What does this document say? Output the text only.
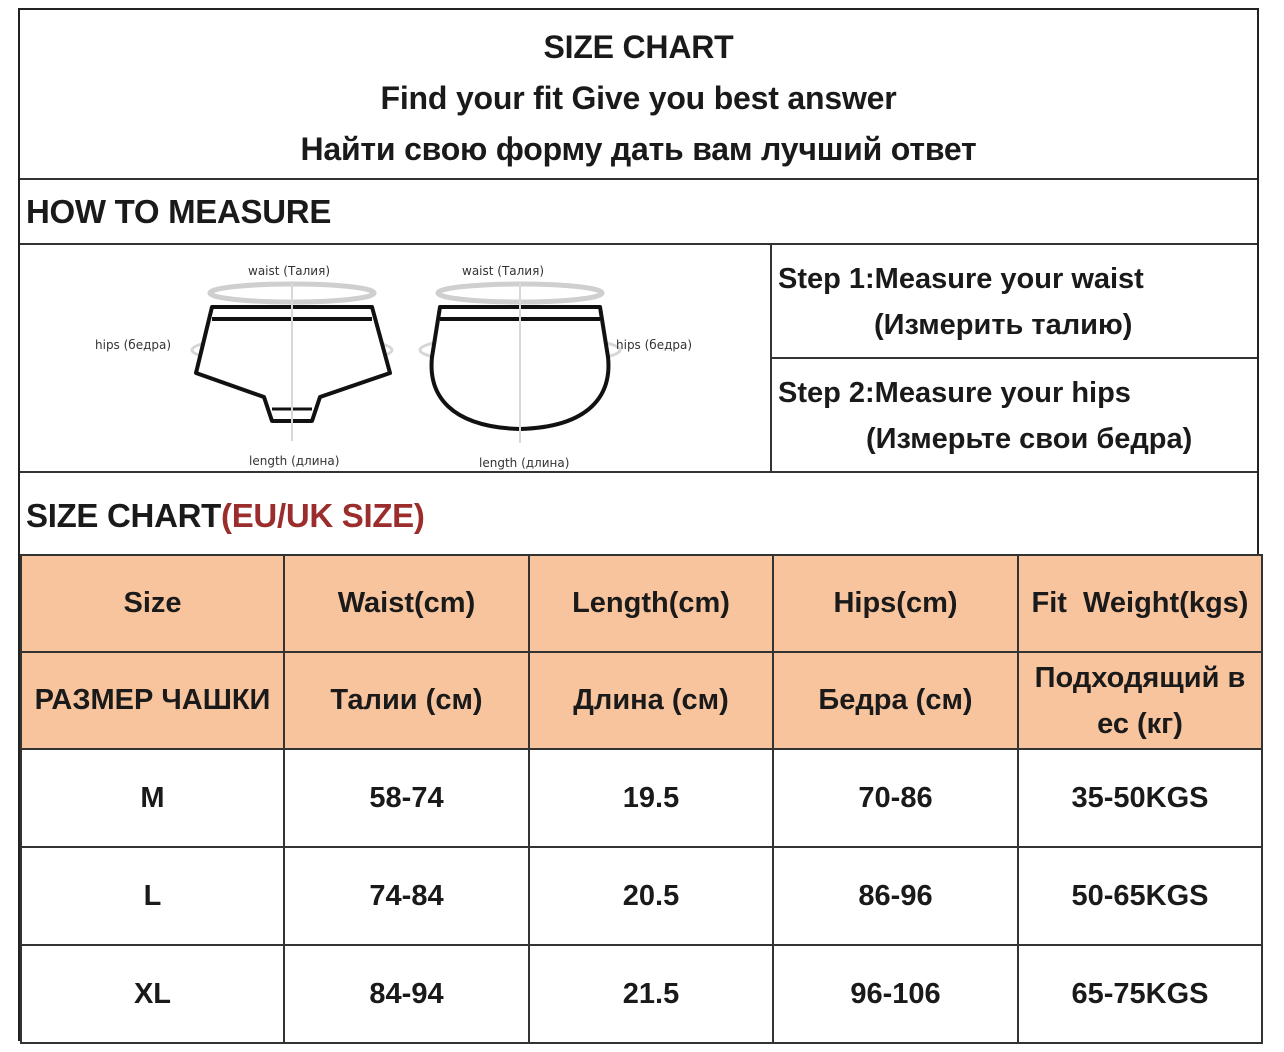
SIZE CHART
Find your fit Give you best answer
Найти свою форму дать вам лучший ответ
HOW TO MEASURE
waist (Талия)
hips (бедра)
length (длина)
waist (Талия)
hips (бедра)
length (длина)
Step 1:Measure your waist
(Измерить талию)
Step 2:Measure your hips
(Измерьте свои бедра)
SIZE CHART(EU/UK SIZE)
Size	Waist(cm)	Length(cm)	Hips(cm)	Fit  Weight(kgs)
РАЗМЕР ЧАШКИ	Талии (см)	Длина (см)	Бедра (см)	Подходящий в ес (кг)
M	58-74	19.5	70-86	35-50KGS
L	74-84	20.5	86-96	50-65KGS
XL	84-94	21.5	96-106	65-75KGS
